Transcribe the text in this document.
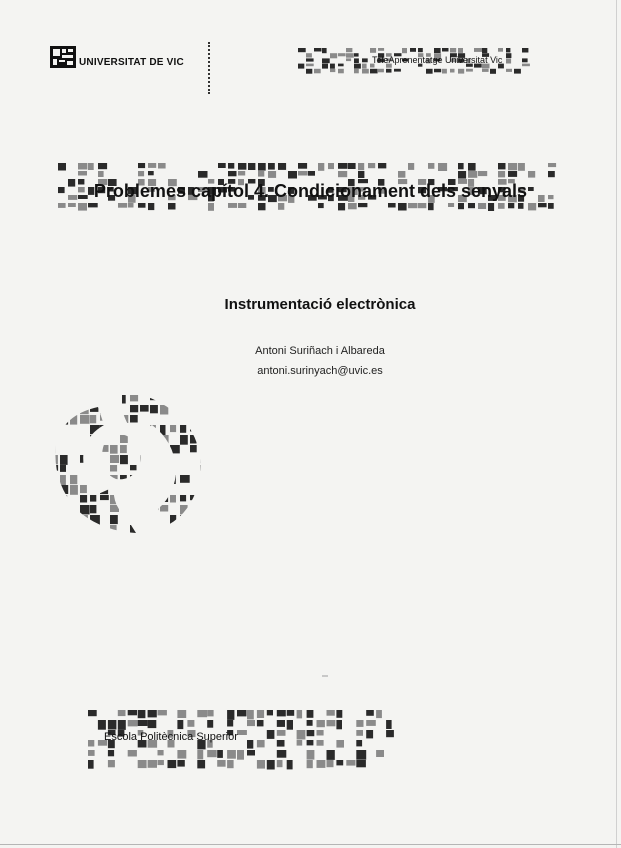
UNIVERSITAT DE VIC	TeleAprenentatge Universitat Vic
Problemes capítol 4. Condicionament dels senyals
Instrumentació electrònica
Antoni Suriñach i Albareda
antoni.surinyach@uvic.es
Escola Politècnica Superior
